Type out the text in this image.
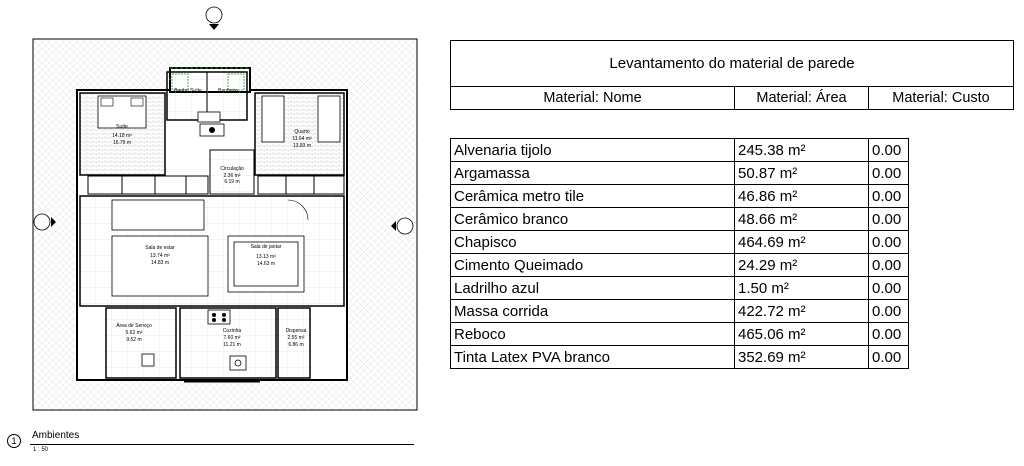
Suíte
14.18 m²
16.79 m
Banho Suíte	Banheiro
Quarto
11.64 m²
13.83 m
Circulação
2.36 m²
6.19 m
Sala de estar
13.74 m²
14.83 m
Sala de jantar
13.13 m²
14.63 m
Área de Serviço
5.62 m²
9.52 m
Cozinha
7.60 m²
11.21 m
Dispensa
2.55 m²
6.86 m
Levantamento do material de parede
Material: Nome	Material: Área	Material: Custo
Alvenaria tijolo	245.38 m²	0.00
Argamassa	50.87 m²	0.00
Cerâmica metro tile	46.86 m²	0.00
Cerâmico branco	48.66 m²	0.00
Chapisco	464.69 m²	0.00
Cimento Queimado	24.29 m²	0.00
Ladrilho azul	1.50 m²	0.00
Massa corrida	422.72 m²	0.00
Reboco	465.06 m²	0.00
Tinta Latex PVA branco	352.69 m²	0.00
1	Ambientes
1 : 50
